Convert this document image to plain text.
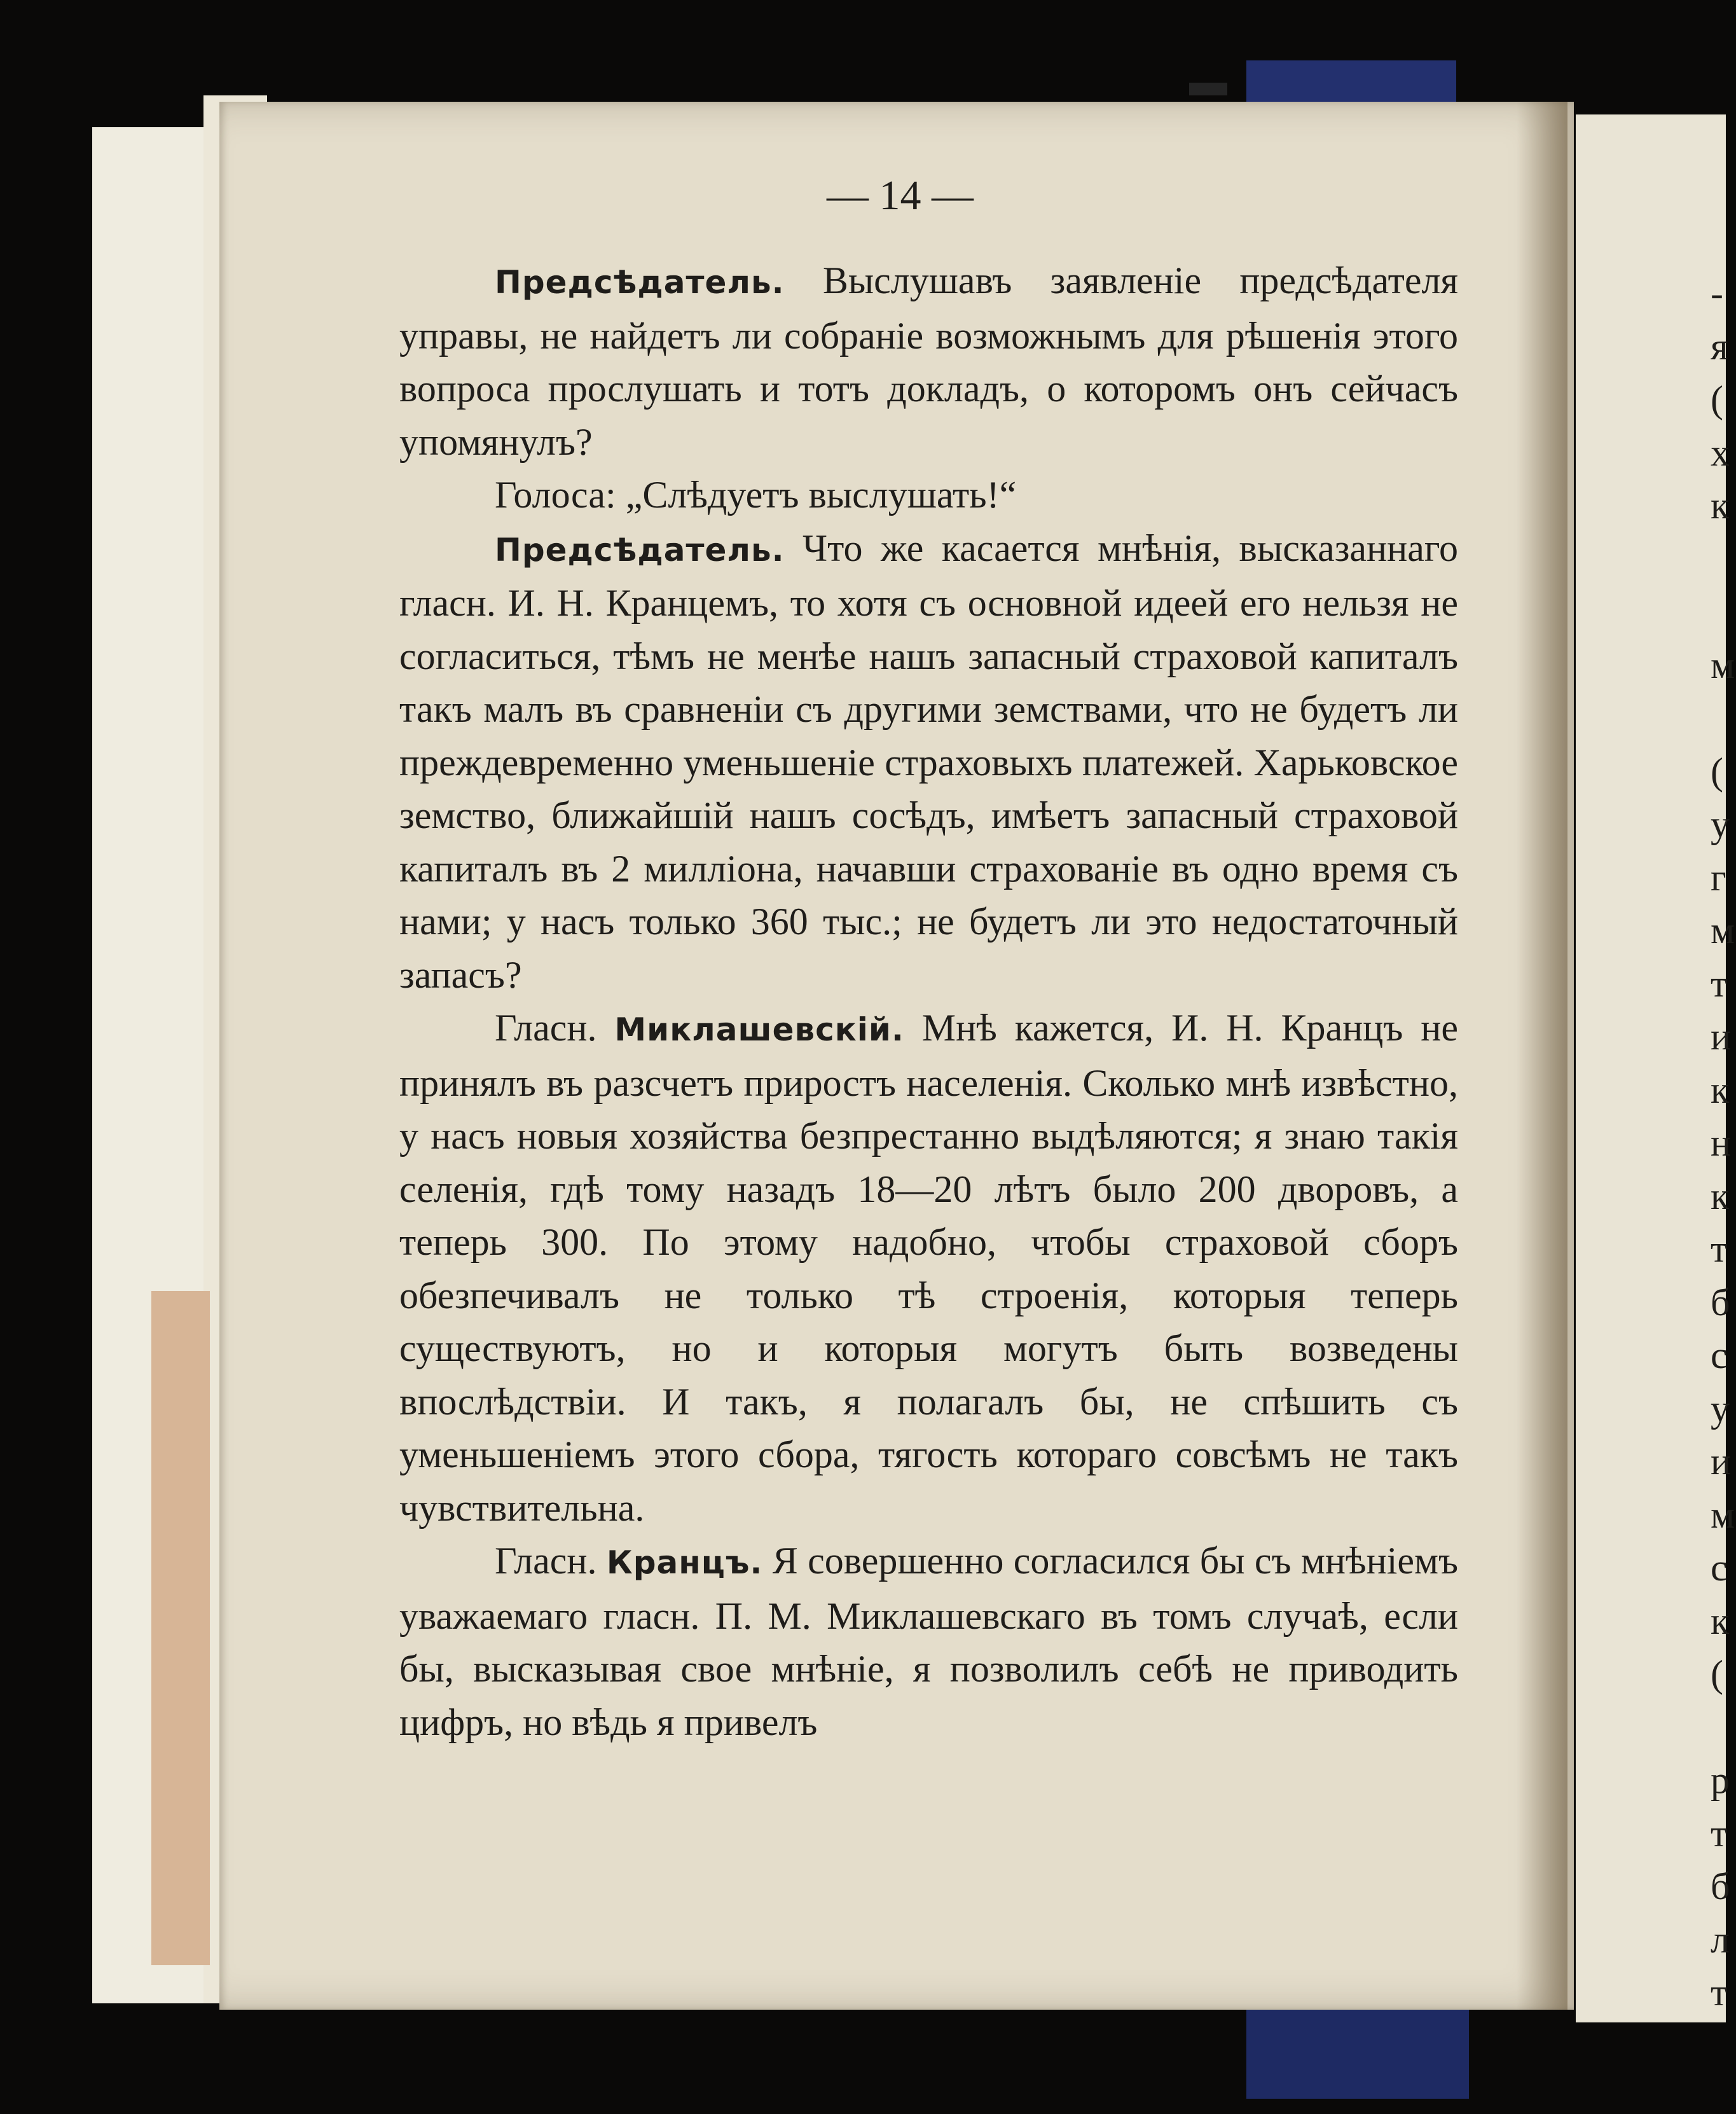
— 14 —

Предсѣдатель. Выслушавъ заявленіе предсѣдателя управы, не найдетъ ли собраніе возможнымъ для рѣшенія этого вопроса прослушать и тотъ докладъ, о которомъ онъ сейчасъ упомянулъ?

Голоса: „Слѣдуетъ выслушать!“

Предсѣдатель. Что же касается мнѣнія, высказаннаго гласн. И. Н. Кранцемъ, то хотя съ основной идеей его нельзя не согласиться, тѣмъ не менѣе нашъ запасный страховой капиталъ такъ малъ въ сравненіи съ другими земствами, что не будетъ ли преждевременно уменьшеніе страховыхъ платежей. Харьковское земство, ближайшій нашъ сосѣдъ, имѣетъ запасный страховой капиталъ въ 2 милліона, начавши страхованіе въ одно время съ нами; у насъ только 360 тыс.; не будетъ ли это недостаточный запасъ?

Гласн. Миклашевскій. Мнѣ кажется, И. Н. Кранцъ не принялъ въ разсчетъ приростъ населенія. Сколько мнѣ извѣстно, у насъ новыя хозяйства безпрестанно выдѣляются; я знаю такія селенія, гдѣ тому назадъ 18—20 лѣтъ было 200 дворовъ, а теперь 300. По этому надобно, чтобы страховой сборъ обезпечивалъ не только тѣ строенія, которыя теперь существуютъ, но и которыя могутъ быть возведены впослѣдствіи. И такъ, я полагалъ бы, не спѣшить съ уменьшеніемъ этого сбора, тягость котораго совсѣмъ не такъ чувствительна.

Гласн. Кранцъ. Я совершенно согласился бы съ мнѣніемъ уважаемаго гласн. П. М. Миклашевскаго въ томъ случаѣ, если бы, высказывая свое мнѣніе, я позволилъ себѣ не приводить цифръ, но вѣдь я привелъ

-
я
(
х
к
м
(
у
г
м
т
и
к
н
к
т
б
с
у
и
м
с
к
(
р
т
б
л
т
